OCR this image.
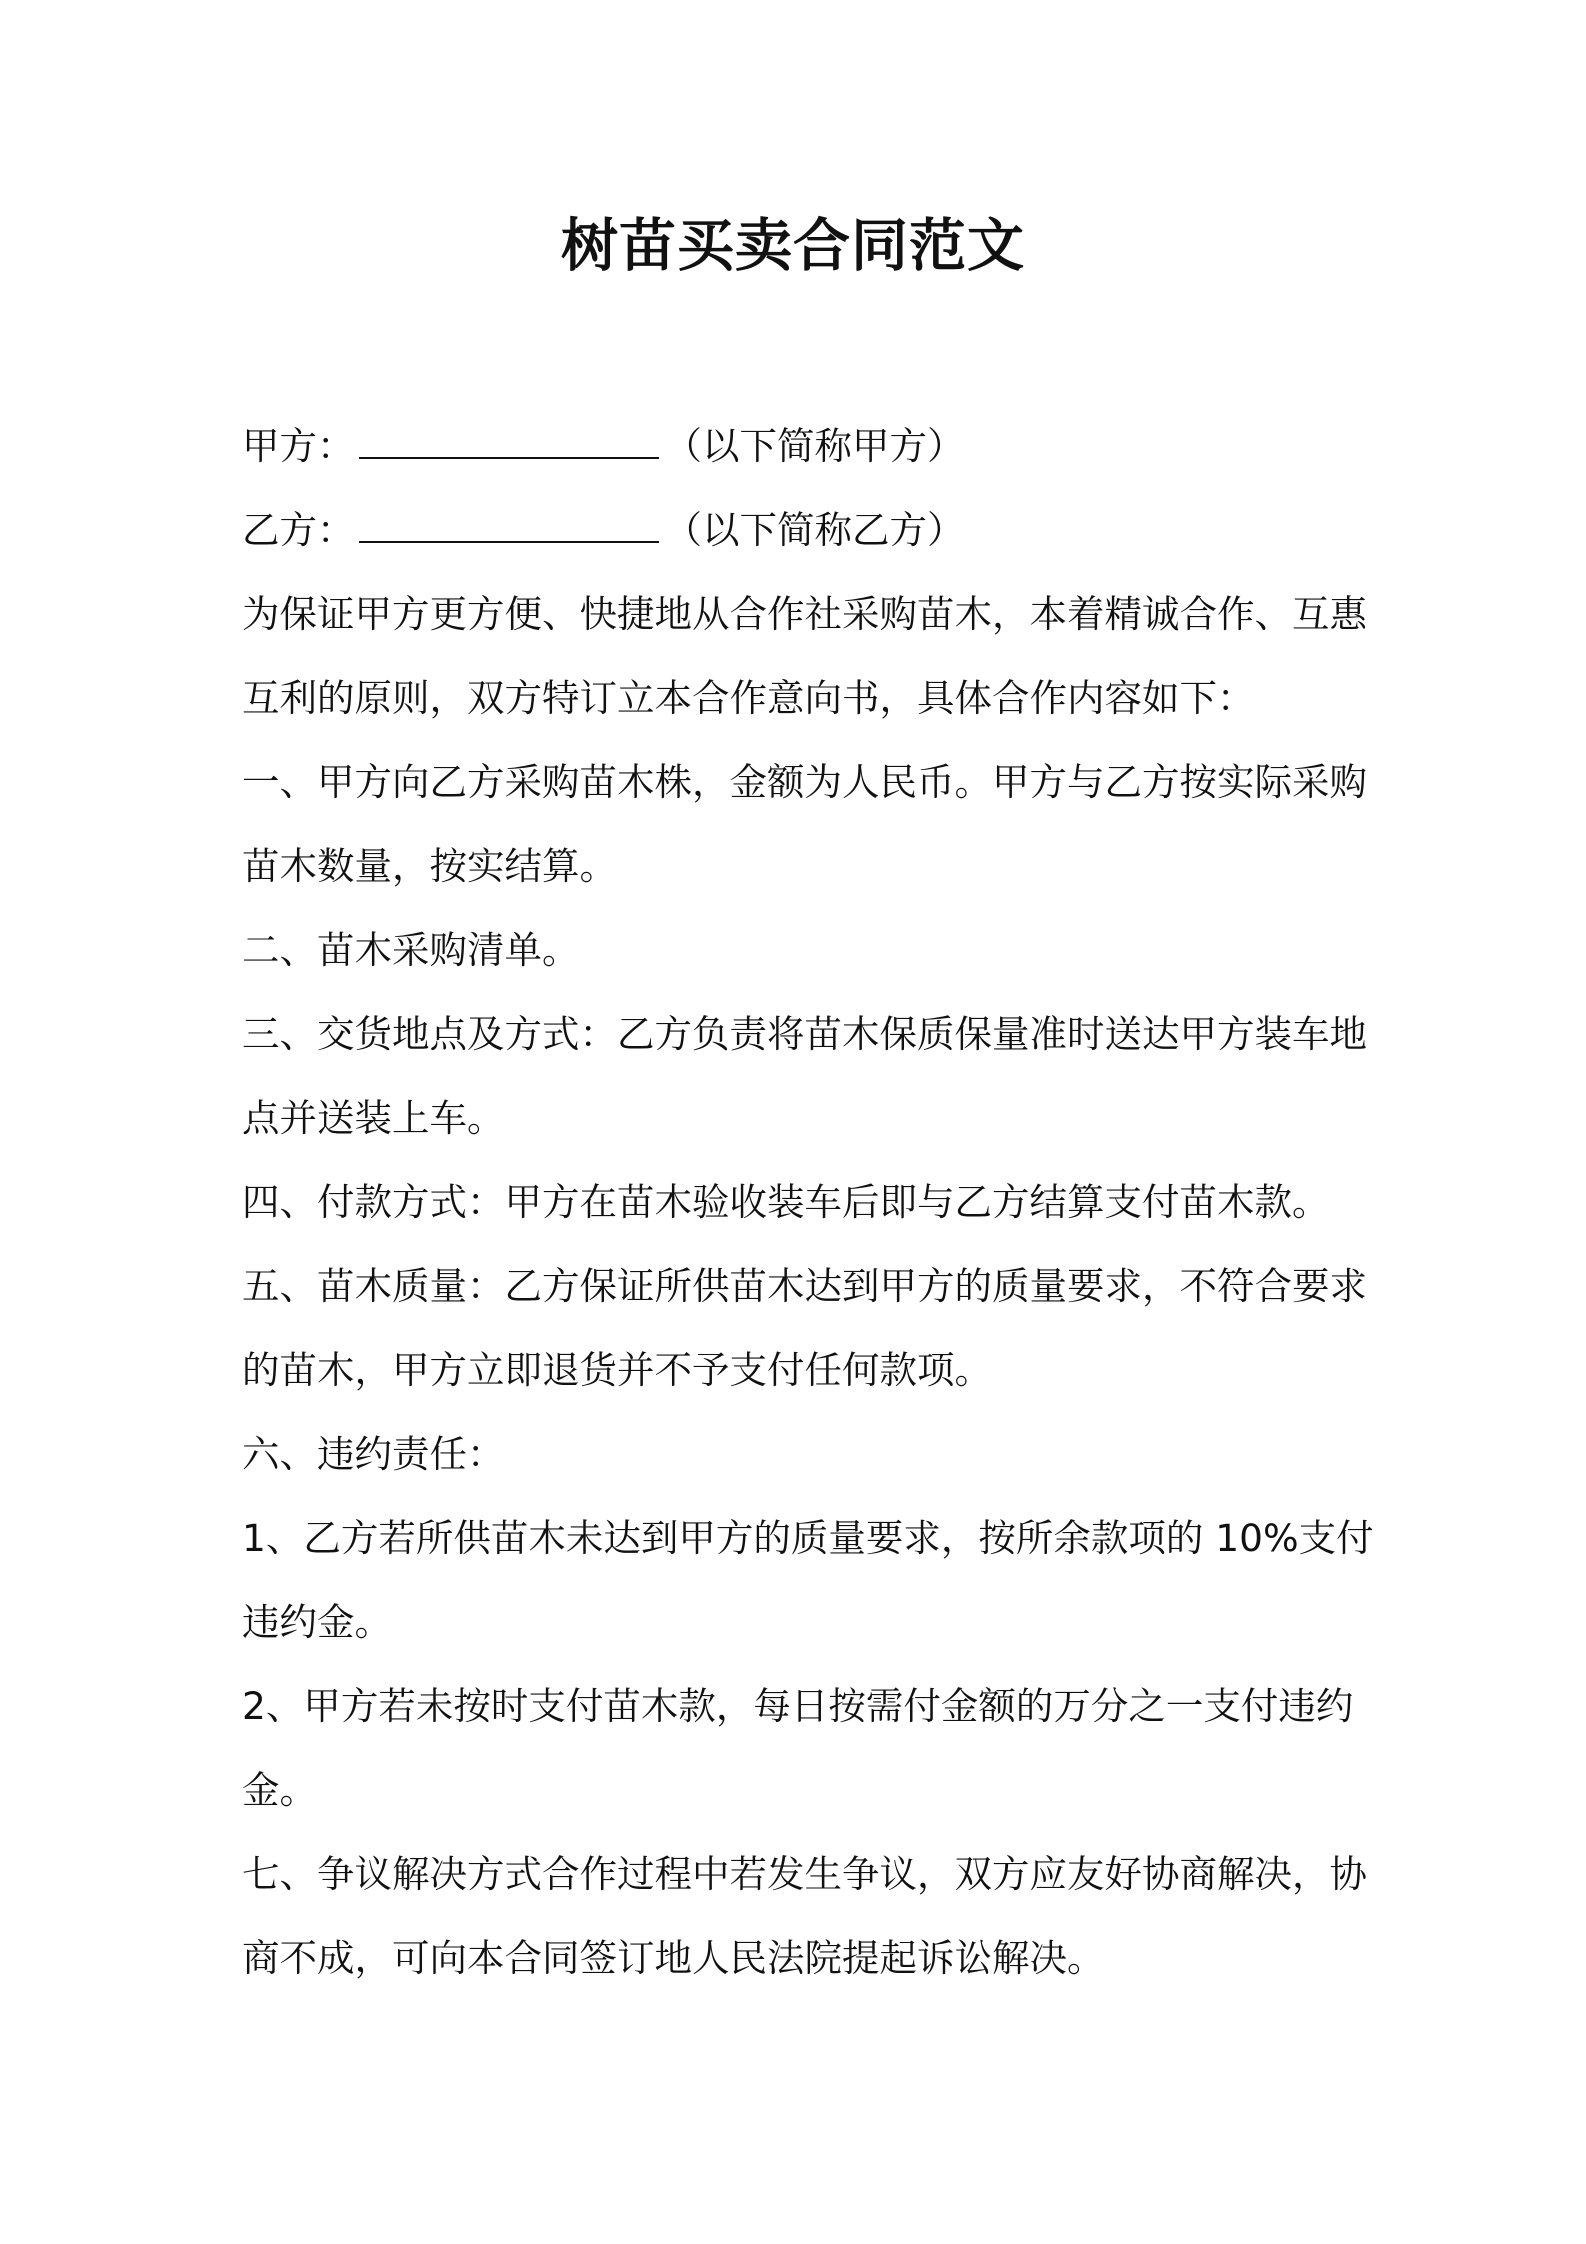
树苗买卖合同范文

甲方：	（以下简称甲方）

乙方：	（以下简称乙方）

为保证甲方更方便、快捷地从合作社采购苗木，本着精诚合作、互惠

互利的原则，双方特订立本合作意向书，具体合作内容如下：

一、甲方向乙方采购苗木株，金额为人民币。甲方与乙方按实际采购

苗木数量，按实结算。

二、苗木采购清单。

三、交货地点及方式：乙方负责将苗木保质保量准时送达甲方装车地

点并送装上车。

四、付款方式：甲方在苗木验收装车后即与乙方结算支付苗木款。

五、苗木质量：乙方保证所供苗木达到甲方的质量要求，不符合要求

的苗木，甲方立即退货并不予支付任何款项。

六、违约责任：

1、乙方若所供苗木未达到甲方的质量要求，按所余款项的 10%支付

违约金。

2、甲方若未按时支付苗木款，每日按需付金额的万分之一支付违约

金。

七、争议解决方式合作过程中若发生争议，双方应友好协商解决，协

商不成，可向本合同签订地人民法院提起诉讼解决。
